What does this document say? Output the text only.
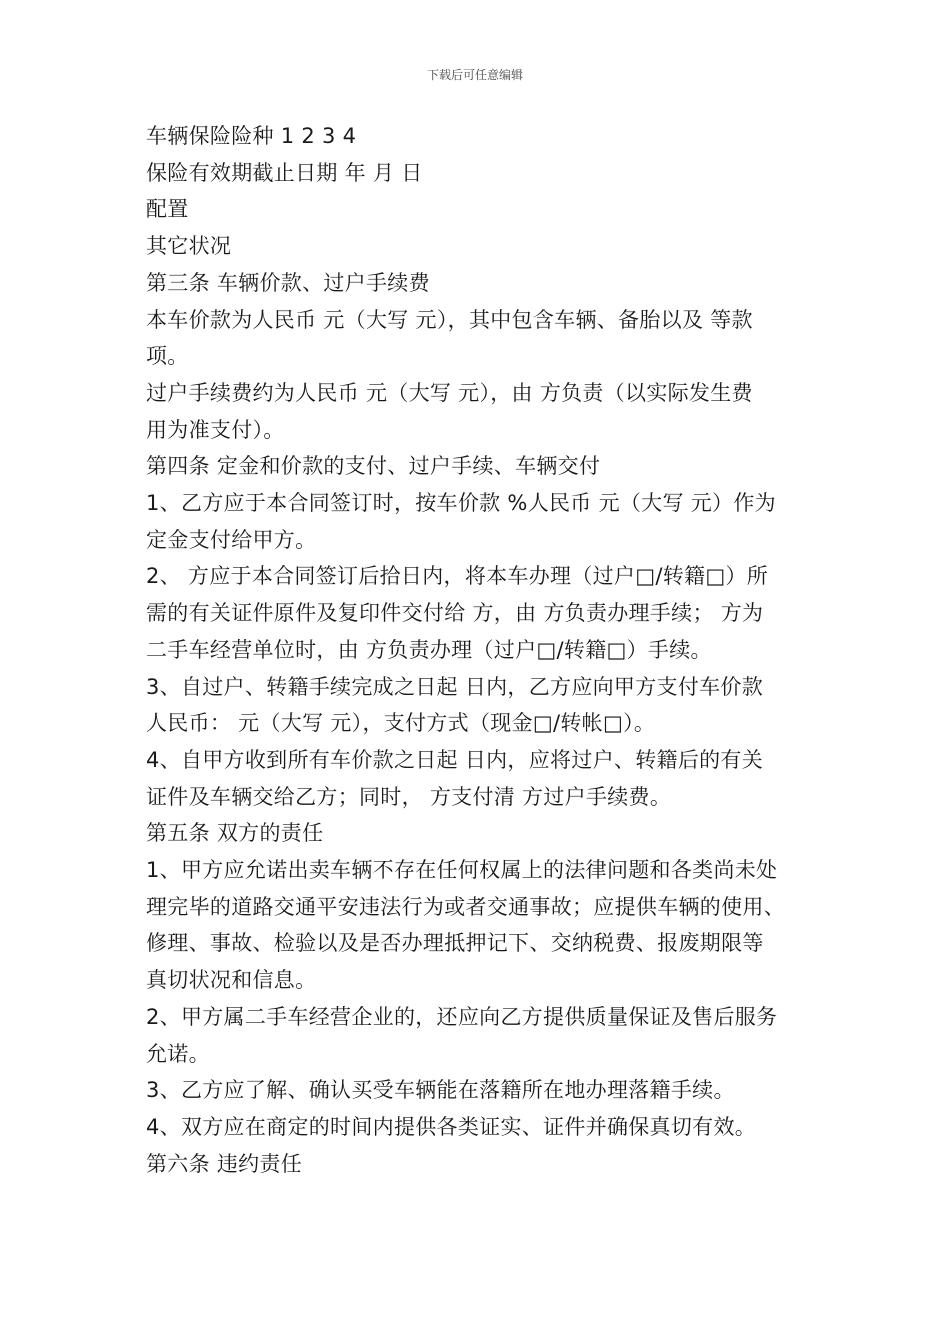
下载后可任意编辑

车辆保险险种 1 2 3 4

保险有效期截止日期 年 月 日

配置

其它状况

第三条 车辆价款、过户手续费

本车价款为人民币 元（大写 元），其中包含车辆、备胎以及 等款

项。

过户手续费约为人民币 元（大写 元），由 方负责（以实际发生费

用为准支付）。

第四条 定金和价款的支付、过户手续、车辆交付

1、乙方应于本合同签订时，按车价款 %人民币 元（大写 元）作为

定金支付给甲方。

2、 方应于本合同签订后拾日内，将本车办理（过户□/转籍□）所

需的有关证件原件及复印件交付给 方，由 方负责办理手续； 方为

二手车经营单位时，由 方负责办理（过户□/转籍□）手续。

3、自过户、转籍手续完成之日起 日内，乙方应向甲方支付车价款

人民币： 元（大写 元），支付方式（现金□/转帐□）。

4、自甲方收到所有车价款之日起 日内，应将过户、转籍后的有关

证件及车辆交给乙方；同时， 方支付清 方过户手续费。

第五条 双方的责任

1、甲方应允诺出卖车辆不存在任何权属上的法律问题和各类尚未处

理完毕的道路交通平安违法行为或者交通事故；应提供车辆的使用、

修理、事故、检验以及是否办理抵押记下、交纳税费、报废期限等

真切状况和信息。

2、甲方属二手车经营企业的，还应向乙方提供质量保证及售后服务

允诺。

3、乙方应了解、确认买受车辆能在落籍所在地办理落籍手续。

4、双方应在商定的时间内提供各类证实、证件并确保真切有效。

第六条 违约责任
